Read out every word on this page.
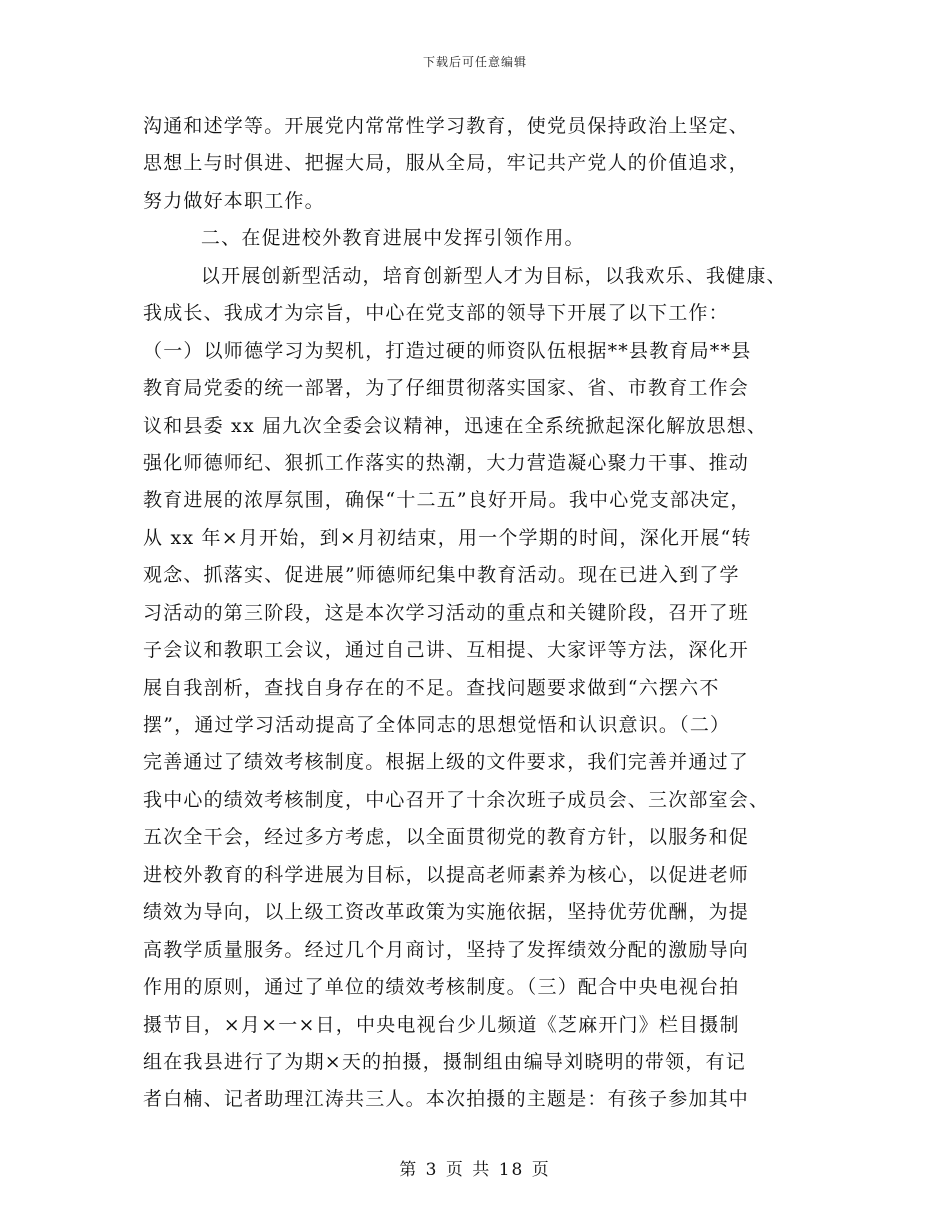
下载后可任意编辑
沟通和述学等。开展党内常常性学习教育，使党员保持政治上坚定、
思想上与时俱进、把握大局，服从全局，牢记共产党人的价值追求，
努力做好本职工作。
二、在促进校外教育进展中发挥引领作用。
以开展创新型活动，培育创新型人才为目标，以我欢乐、我健康、
我成长、我成才为宗旨，中心在党支部的领导下开展了以下工作：
（一）以师德学习为契机，打造过硬的师资队伍根据**县教育局**县
教育局党委的统一部署，为了仔细贯彻落实国家、省、市教育工作会
议和县委 xx 届九次全委会议精神，迅速在全系统掀起深化解放思想、
强化师德师纪、狠抓工作落实的热潮，大力营造凝心聚力干事、推动
教育进展的浓厚氛围，确保“十二五”良好开局。我中心党支部决定，
从 xx 年×月开始，到×月初结束，用一个学期的时间，深化开展“转
观念、抓落实、促进展”师德师纪集中教育活动。现在已进入到了学
习活动的第三阶段，这是本次学习活动的重点和关键阶段，召开了班
子会议和教职工会议，通过自己讲、互相提、大家评等方法，深化开
展自我剖析，查找自身存在的不足。查找问题要求做到“六摆六不
摆”，通过学习活动提高了全体同志的思想觉悟和认识意识。（二）
完善通过了绩效考核制度。根据上级的文件要求，我们完善并通过了
我中心的绩效考核制度，中心召开了十余次班子成员会、三次部室会、
五次全干会，经过多方考虑，以全面贯彻党的教育方针，以服务和促
进校外教育的科学进展为目标，以提高老师素养为核心，以促进老师
绩效为导向，以上级工资改革政策为实施依据，坚持优劳优酬，为提
高教学质量服务。经过几个月商讨，坚持了发挥绩效分配的激励导向
作用的原则，通过了单位的绩效考核制度。（三）配合中央电视台拍
摄节目，×月×一×日，中央电视台少儿频道《芝麻开门》栏目摄制
组在我县进行了为期×天的拍摄，摄制组由编导刘晓明的带领，有记
者白楠、记者助理江涛共三人。本次拍摄的主题是：有孩子参加其中
第 3 页 共 18 页
